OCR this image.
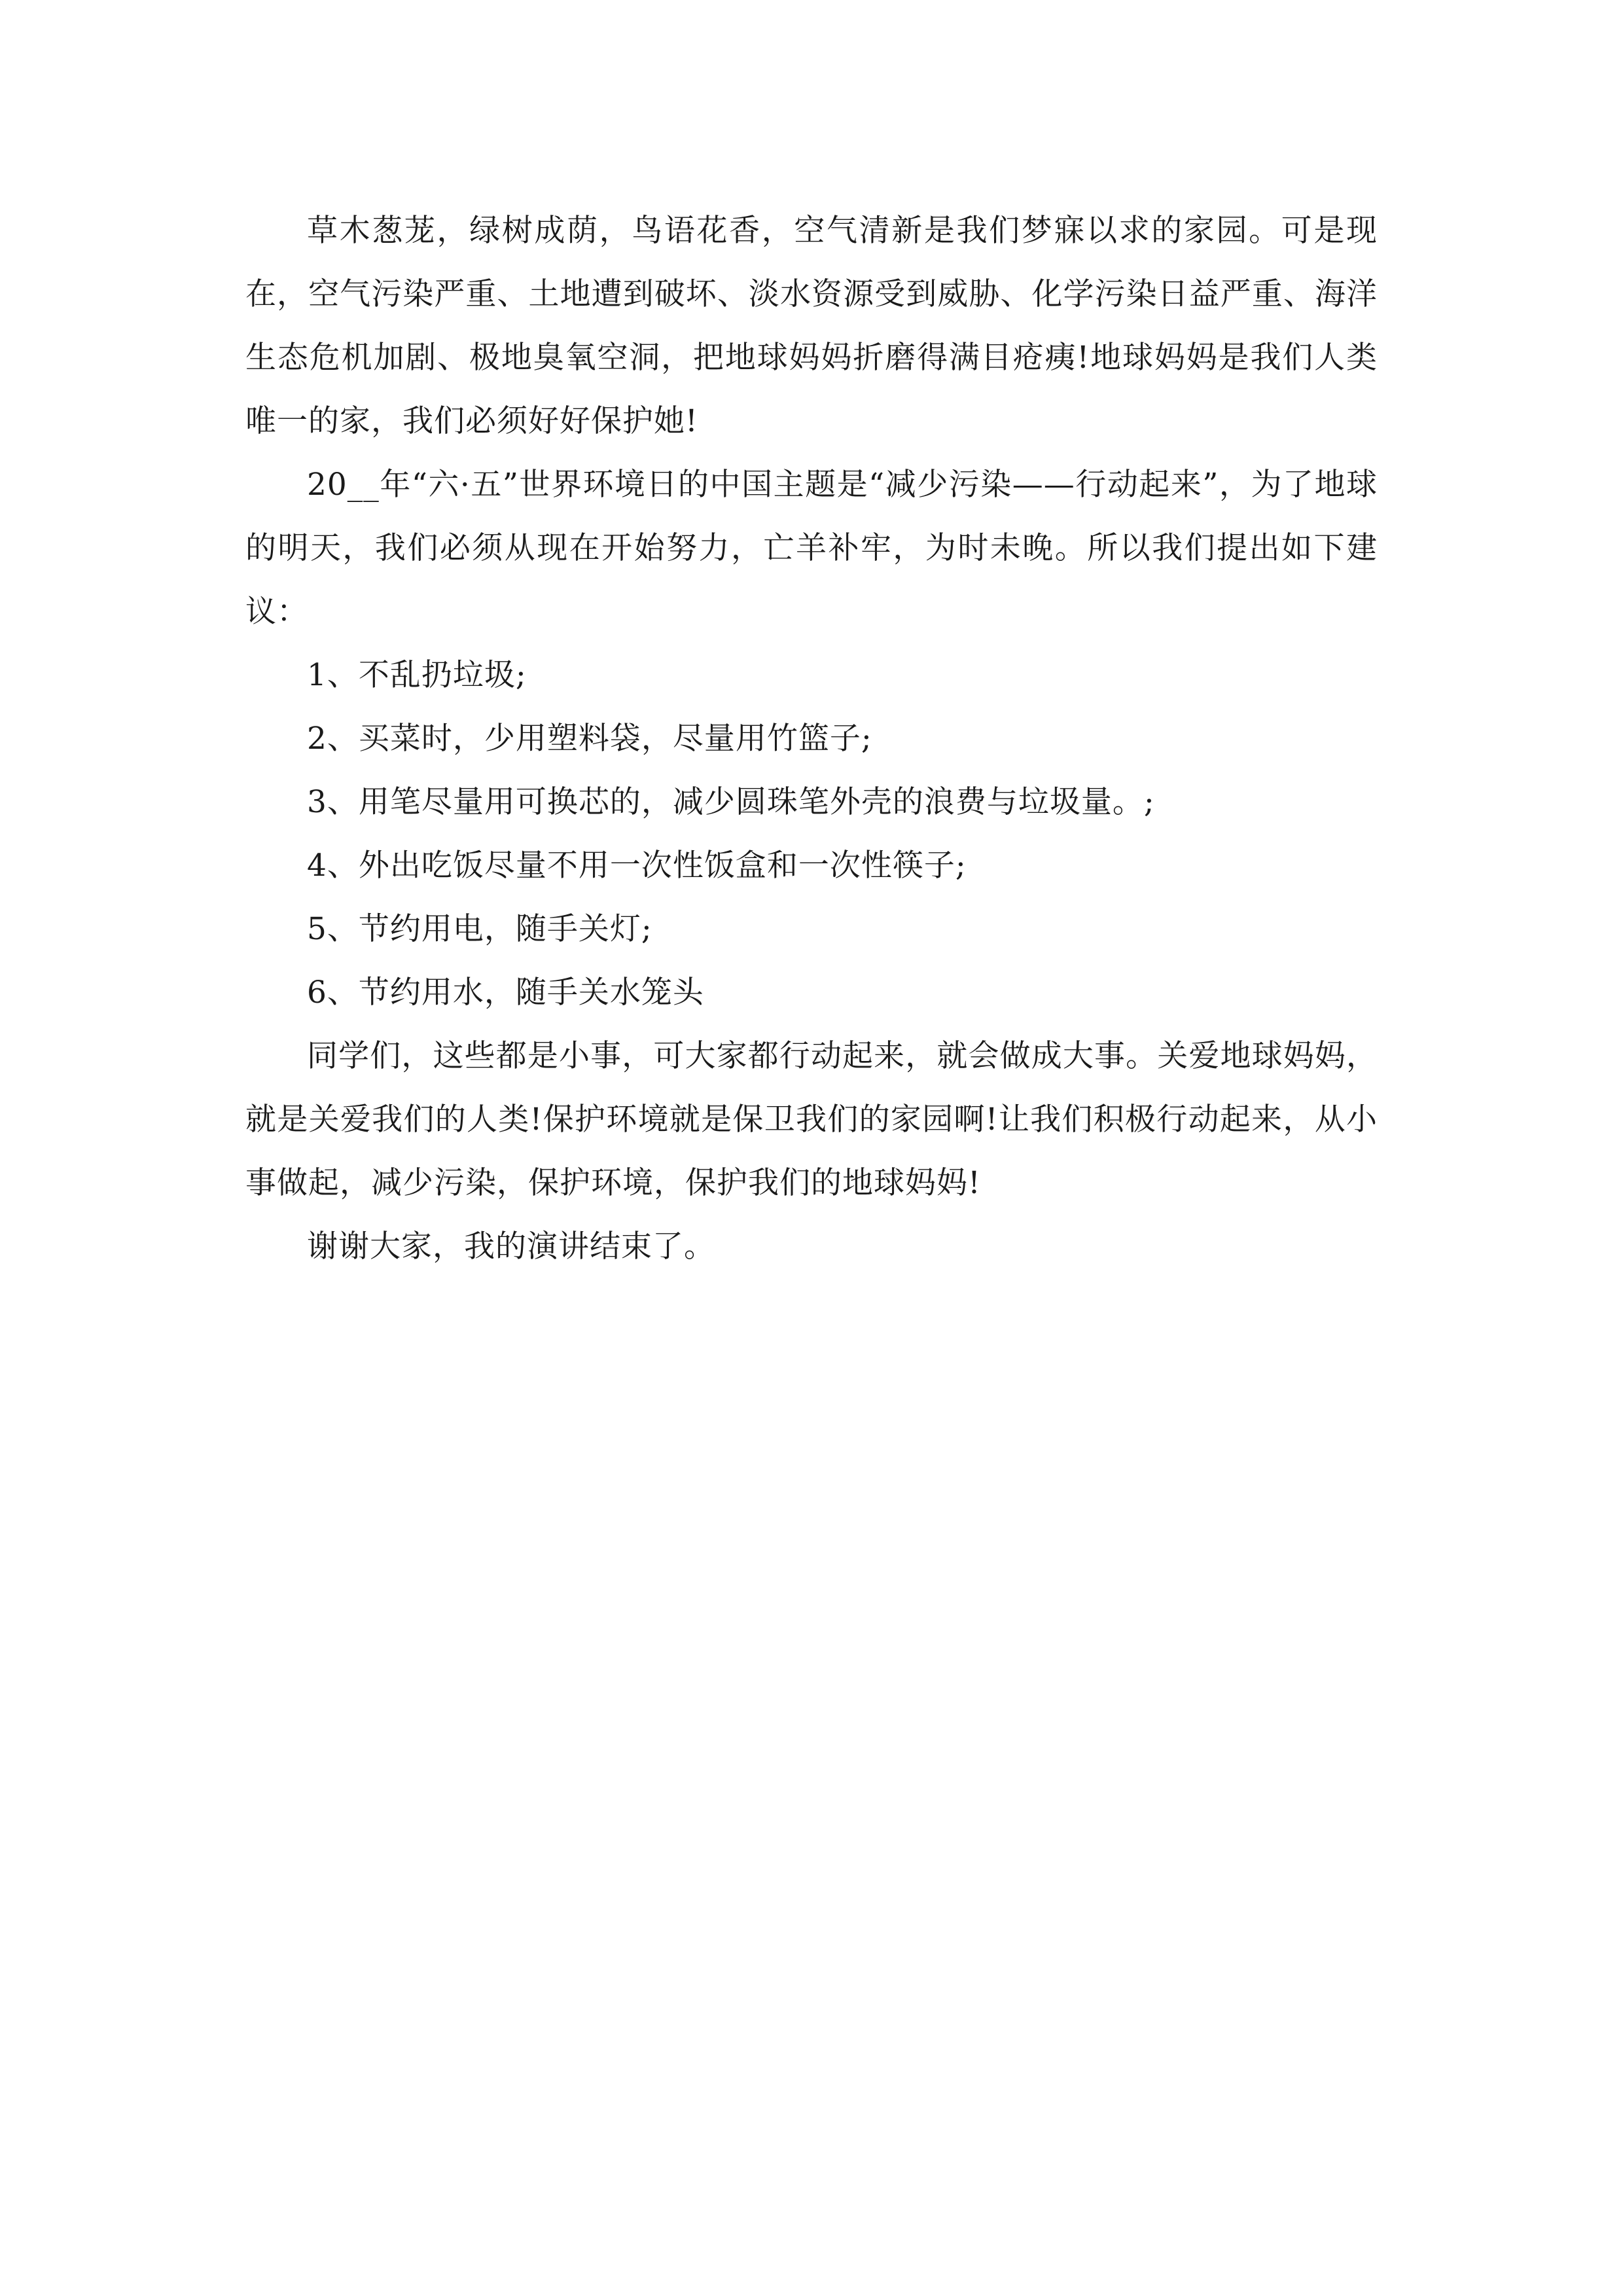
草木葱茏，绿树成荫，鸟语花香，空气清新是我们梦寐以求的家园。可是现在，空气污染严重、土地遭到破坏、淡水资源受到威胁、化学污染日益严重、海洋生态危机加剧、极地臭氧空洞，把地球妈妈折磨得满目疮痍!地球妈妈是我们人类唯一的家，我们必须好好保护她!

20__年“六·五”世界环境日的中国主题是“减少污染——行动起来”，为了地球的明天，我们必须从现在开始努力，亡羊补牢，为时未晚。所以我们提出如下建议：

1、不乱扔垃圾;

2、买菜时，少用塑料袋，尽量用竹篮子;

3、用笔尽量用可换芯的，减少圆珠笔外壳的浪费与垃圾量。;

4、外出吃饭尽量不用一次性饭盒和一次性筷子;

5、节约用电，随手关灯;

6、节约用水，随手关水笼头

同学们，这些都是小事，可大家都行动起来，就会做成大事。关爱地球妈妈，就是关爱我们的人类!保护环境就是保卫我们的家园啊!让我们积极行动起来，从小事做起，减少污染，保护环境，保护我们的地球妈妈!

谢谢大家，我的演讲结束了。
